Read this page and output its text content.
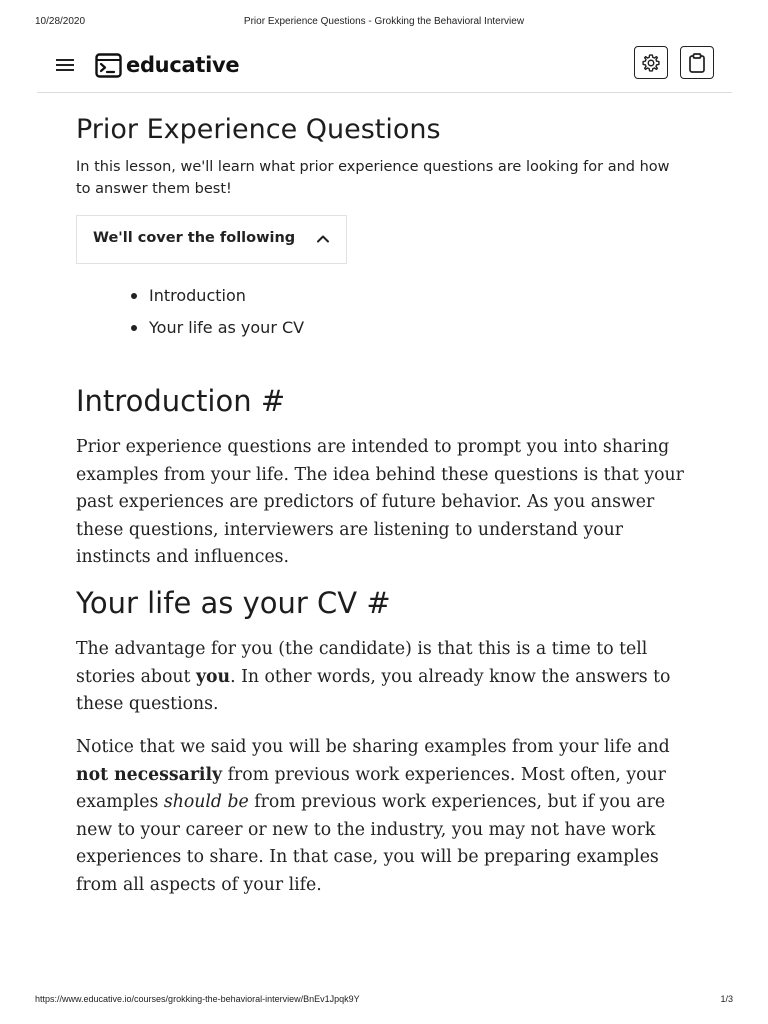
10/28/2020	Prior Experience Questions - Grokking the Behavioral Interview
educative
Prior Experience Questions
In this lesson, we'll learn what prior experience questions are looking for and how to answer them best!
We'll cover the following
Introduction
Your life as your CV
Introduction #

Prior experience questions are intended to prompt you into sharing examples from your life. The idea behind these questions is that your past experiences are predictors of future behavior. As you answer these questions, interviewers are listening to understand your instincts and influences.

Your life as your CV #

The advantage for you (the candidate) is that this is a time to tell stories about you. In other words, you already know the answers to these questions.

Notice that we said you will be sharing examples from your life and not necessarily from previous work experiences. Most often, your examples should be from previous work experiences, but if you are new to your career or new to the industry, you may not have work experiences to share. In that case, you will be preparing examples from all aspects of your life.

https://www.educative.io/courses/grokking-the-behavioral-interview/BnEv1Jpqk9Y	1/3
